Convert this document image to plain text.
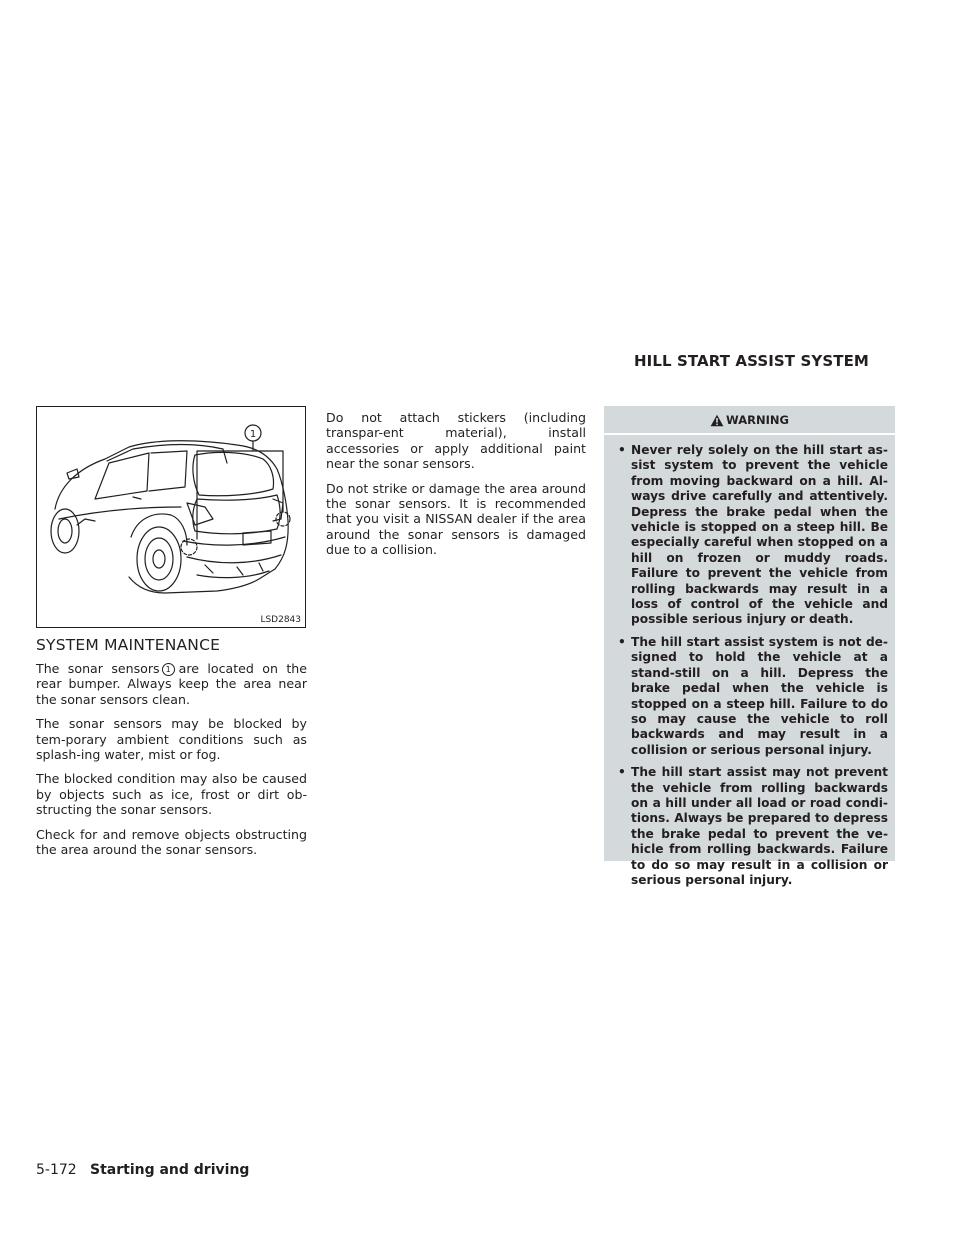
1
LSD2843
SYSTEM MAINTENANCE

The sonar sensors 1 are located on the rear bumper. Always keep the area near the sonar sensors clean.

The sonar sensors may be blocked by tem-porary ambient conditions such as splash-ing water, mist or fog.

The blocked condition may also be caused by objects such as ice, frost or dirt ob-structing the sonar sensors.

Check for and remove objects obstructing the area around the sonar sensors.

Do not attach stickers (including transpar-ent material), install accessories or apply additional paint near the sonar sensors.

Do not strike or damage the area around the sonar sensors. It is recommended that you visit a NISSAN dealer if the area around the sonar sensors is damaged due to a collision.

HILL START ASSIST SYSTEM
WARNING
• Never rely solely on the hill start as-sist system to prevent the vehicle from moving backward on a hill. Al-ways drive carefully and attentively. Depress the brake pedal when the vehicle is stopped on a steep hill. Be especially careful when stopped on a hill on frozen or muddy roads. Failure to prevent the vehicle from rolling backwards may result in a loss of control of the vehicle and possible serious injury or death.
• The hill start assist system is not de-signed to hold the vehicle at a stand-still on a hill. Depress the brake pedal when the vehicle is stopped on a steep hill. Failure to do so may cause the vehicle to roll backwards and may result in a collision or serious personal injury.
• The hill start assist may not prevent the vehicle from rolling backwards on a hill under all load or road condi-tions. Always be prepared to depress the brake pedal to prevent the ve-hicle from rolling backwards. Failure to do so may result in a collision or serious personal injury.
5-172 Starting and driving
